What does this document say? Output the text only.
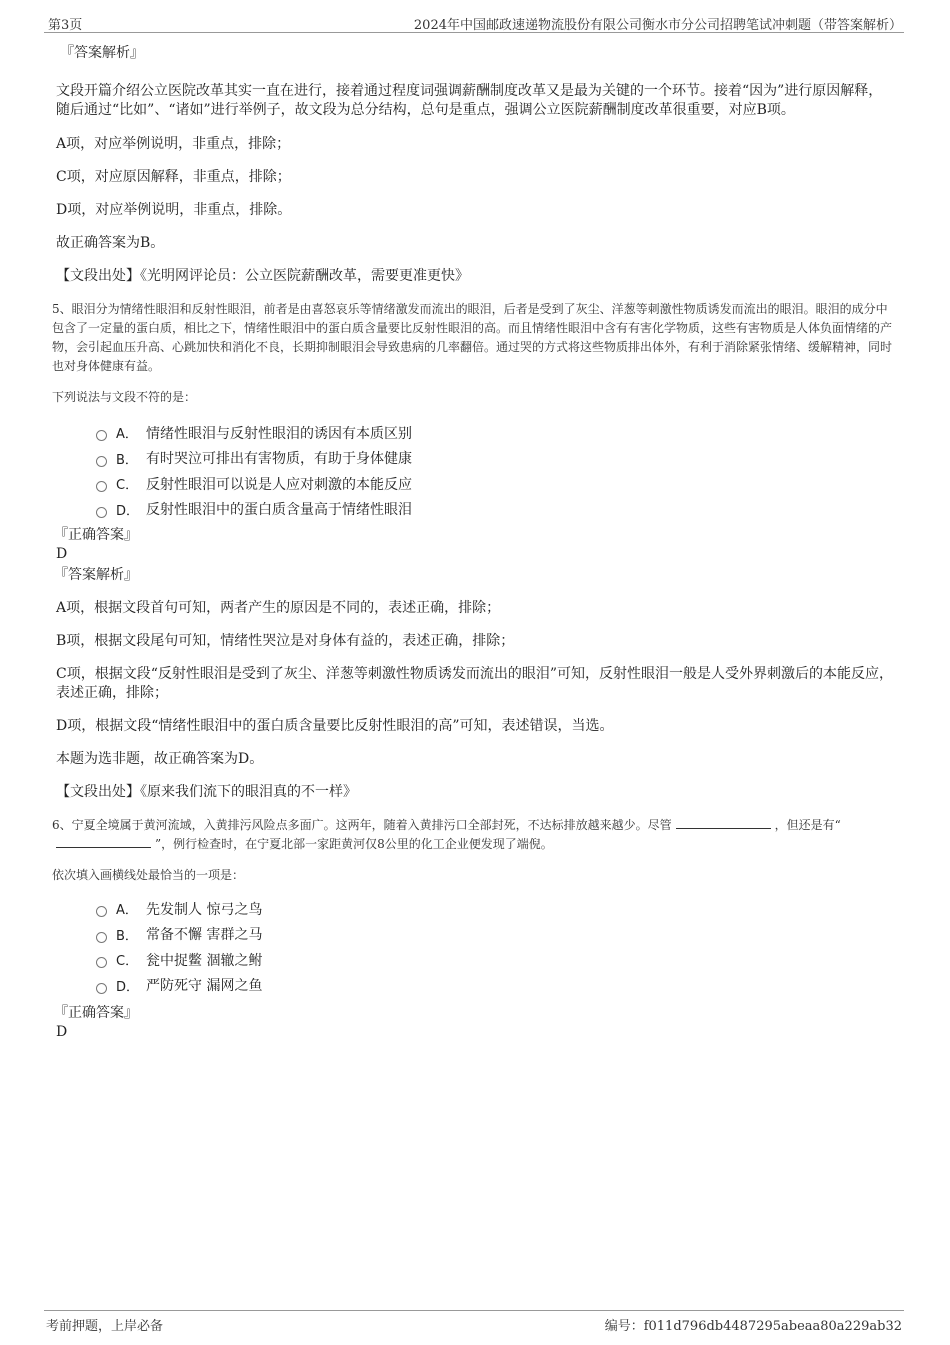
第3页	2024年中国邮政速递物流股份有限公司衡水市分公司招聘笔试冲刺题（带答案解析）
『答案解析』
文段开篇介绍公立医院改革其实一直在进行，接着通过程度词强调薪酬制度改革又是最为关键的一个环节。接着“因为”进行原因解释，随后通过“比如”、“诸如”进行举例子，故文段为总分结构，总句是重点，强调公立医院薪酬制度改革很重要，对应B项。
A项，对应举例说明，非重点，排除；
C项，对应原因解释，非重点，排除；
D项，对应举例说明，非重点，排除。
故正确答案为B。
【文段出处】《光明网评论员：公立医院薪酬改革，需要更准更快》
5、眼泪分为情绪性眼泪和反射性眼泪，前者是由喜怒哀乐等情绪激发而流出的眼泪，后者是受到了灰尘、洋葱等刺激性物质诱发而流出的眼泪。眼泪的成分中包含了一定量的蛋白质，相比之下，情绪性眼泪中的蛋白质含量要比反射性眼泪的高。而且情绪性眼泪中含有有害化学物质，这些有害物质是人体负面情绪的产物，会引起血压升高、心跳加快和消化不良，长期抑制眼泪会导致患病的几率翻倍。通过哭的方式将这些物质排出体外，有利于消除紧张情绪、缓解精神，同时也对身体健康有益。
下列说法与文段不符的是：
A． 情绪性眼泪与反射性眼泪的诱因有本质区别
B． 有时哭泣可排出有害物质，有助于身体健康
C． 反射性眼泪可以说是人应对刺激的本能反应
D． 反射性眼泪中的蛋白质含量高于情绪性眼泪
『正确答案』
D
『答案解析』
A项，根据文段首句可知，两者产生的原因是不同的，表述正确，排除；
B项，根据文段尾句可知，情绪性哭泣是对身体有益的，表述正确，排除；
C项，根据文段“反射性眼泪是受到了灰尘、洋葱等刺激性物质诱发而流出的眼泪”可知，反射性眼泪一般是人受外界刺激后的本能反应，表述正确，排除；
D项，根据文段“情绪性眼泪中的蛋白质含量要比反射性眼泪的高”可知，表述错误，当选。
本题为选非题，故正确答案为D。
【文段出处】《原来我们流下的眼泪真的不一样》
6、宁夏全境属于黄河流域，入黄排污风险点多面广。这两年，随着入黄排污口全部封死，不达标排放越来越少。尽管	，但还是有“”，例行检查时，在宁夏北部一家距黄河仅8公里的化工企业便发现了端倪。
依次填入画横线处最恰当的一项是：
A． 先发制人 惊弓之鸟
B． 常备不懈 害群之马
C． 瓮中捉鳖 涸辙之鲋
D． 严防死守 漏网之鱼
『正确答案』
D
考前押题，上岸必备	编号：f011d796db4487295abeaa80a229ab32
